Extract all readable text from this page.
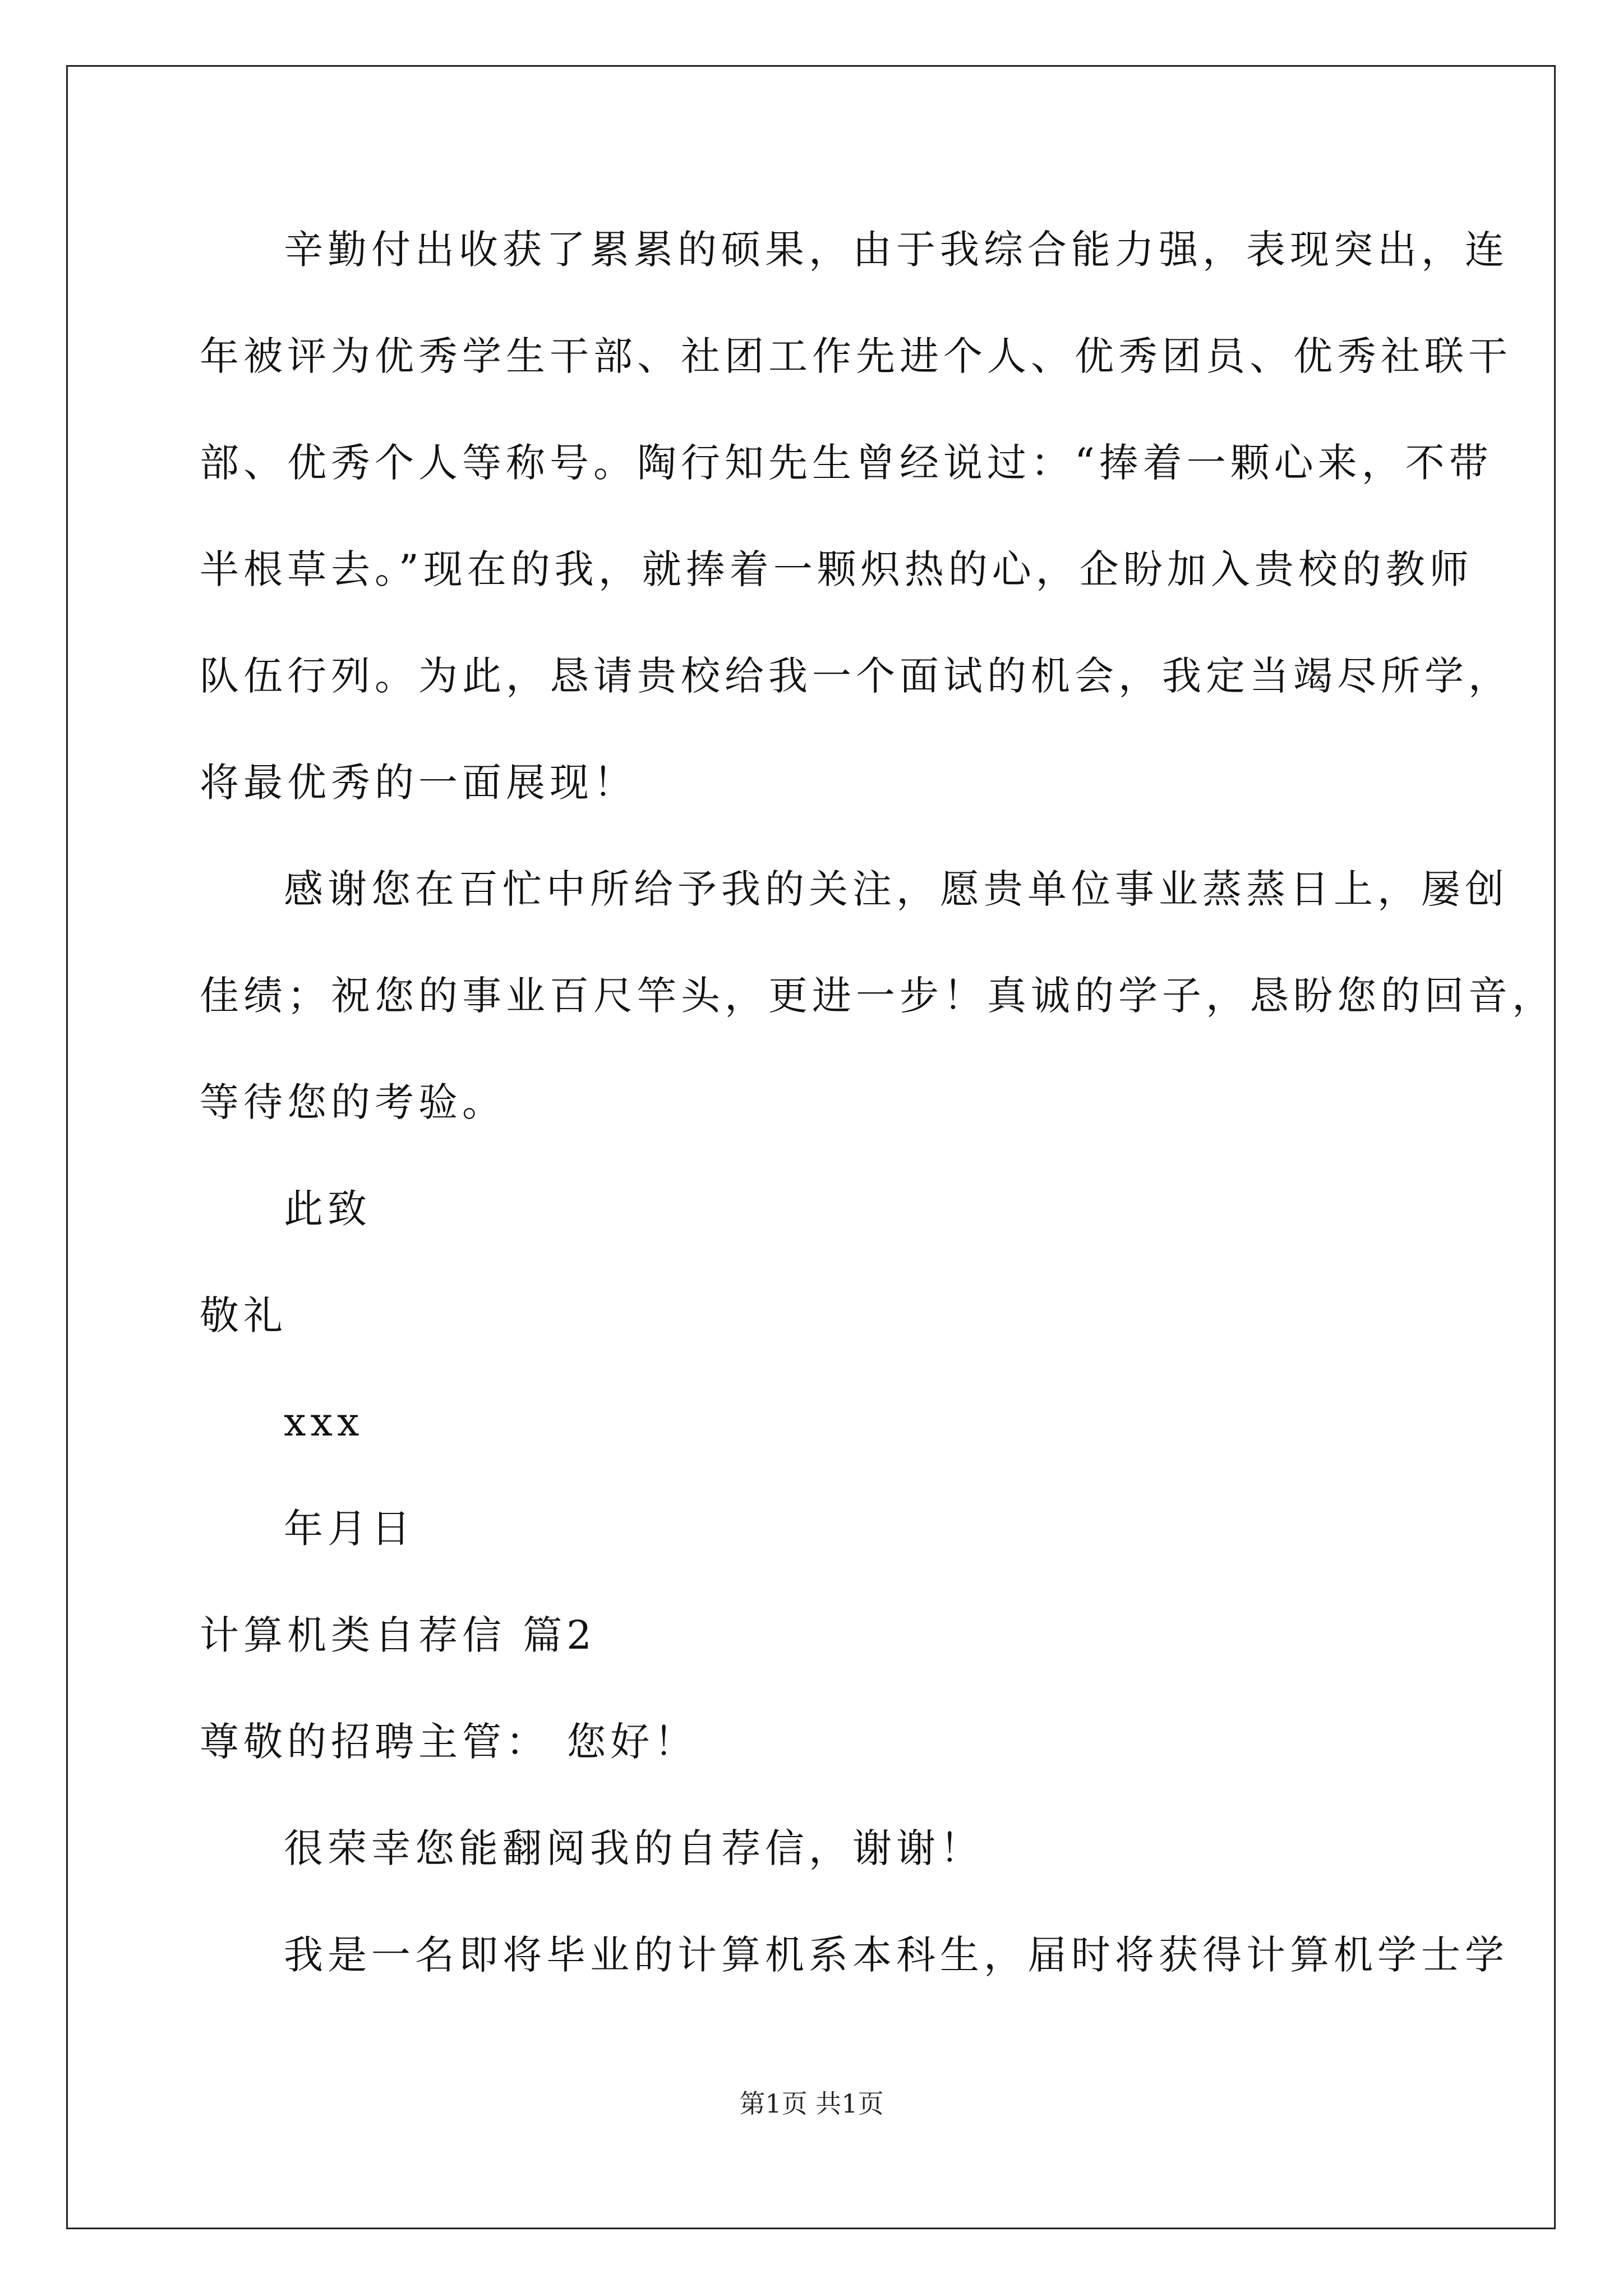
辛勤付出收获了累累的硕果，由于我综合能力强，表现突出，连
年被评为优秀学生干部、社团工作先进个人、优秀团员、优秀社联干
部、优秀个人等称号。陶行知先生曾经说过：“捧着一颗心来，不带
半根草去。”现在的我，就捧着一颗炽热的心，企盼加入贵校的教师
队伍行列。为此，恳请贵校给我一个面试的机会，我定当竭尽所学，
将最优秀的一面展现！
感谢您在百忙中所给予我的关注，愿贵单位事业蒸蒸日上，屡创
佳绩；祝您的事业百尺竿头，更进一步！真诚的学子，恳盼您的回音，
等待您的考验。
此致
敬礼
xxx
年月日
计算机类自荐信 篇2
尊敬的招聘主管： 您好！
很荣幸您能翻阅我的自荐信，谢谢！
我是一名即将毕业的计算机系本科生，届时将获得计算机学士学
第1页 共1页
